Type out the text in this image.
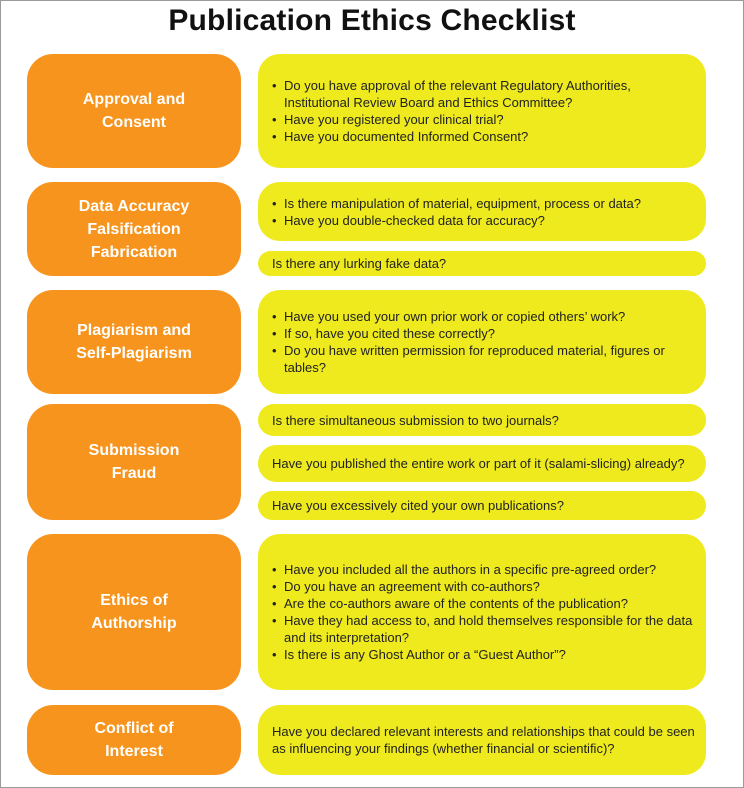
Publication Ethics Checklist
Approval and
Consent
• Do you have approval of the relevant Regulatory Authorities, Institutional Review Board and Ethics Committee?
• Have you registered your clinical trial?
• Have you documented Informed Consent?
Data Accuracy
Falsification
Fabrication
• Is there manipulation of material, equipment, process or data?
• Have you double-checked data for accuracy?
Is there any lurking fake data?
Plagiarism and
Self-Plagiarism
• Have you used your own prior work or copied others’ work?
• If so, have you cited these correctly?
• Do you have written permission for reproduced material, figures or tables?
Submission
Fraud
Is there simultaneous submission to two journals?
Have you published the entire work or part of it (salami-slicing) already?
Have you excessively cited your own publications?
Ethics of
Authorship
• Have you included all the authors in a specific pre-agreed order?
• Do you have an agreement with co-authors?
• Are the co-authors aware of the contents of the publication?
• Have they had access to, and hold themselves responsible for the data and its interpretation?
• Is there is any Ghost Author or a “Guest Author”?
Conflict of
Interest
Have you declared relevant interests and relationships that could be seen as influencing your findings (whether financial or scientific)?
